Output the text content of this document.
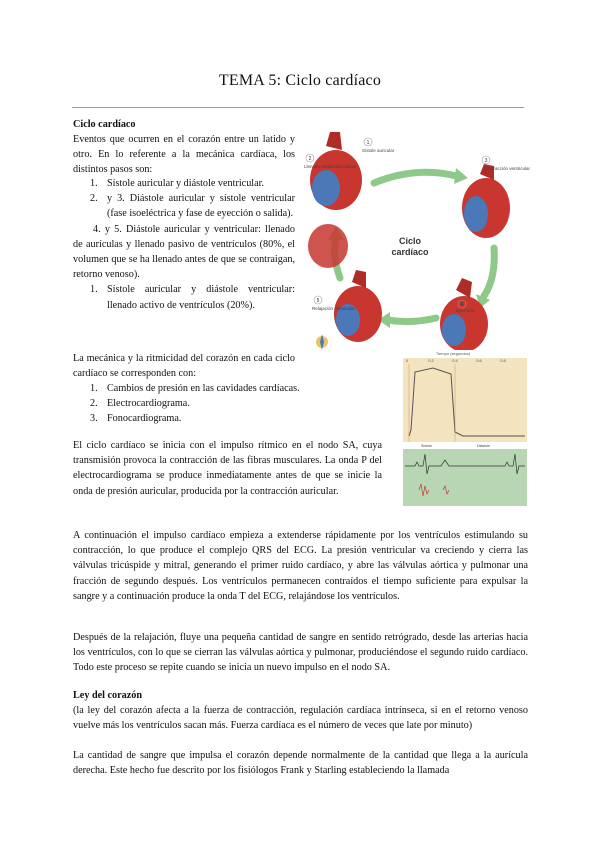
TEMA 5: Ciclo cardíaco
Ciclo cardíaco
Eventos que ocurren en el corazón entre un latido y otro. En lo referente a la mecánica cardíaca, los distintos pasos son:
1. Sístole auricular y diástole ventricular.
2. y 3. Diástole auricular y sístole ventricular (fase isoeléctrica y fase de eyección o salida).
4. y 5. Diástole auricular y ventricular: llenado de aurículas y llenado pasivo de ventrículos (80%, el volumen que se ha llenado antes de que se contraigan, retorno venoso).
1. Sístole auricular y diástole ventricular: llenado activo de ventrículos (20%).
La mecánica y la ritmicidad del corazón en cada ciclo cardíaco se corresponden con:
1. Cambios de presión en las cavidades cardíacas.
2. Electrocardiograma.
3. Fonocardiograma.
El ciclo cardíaco se inicia con el impulso rítmico en el nodo SA, cuya transmisión provoca la contracción de las fibras musculares. La onda P del electrocardiograma se produce inmediatamente antes de que se inicie la onda de presión auricular, producida por la contracción auricular.
A continuación el impulso cardíaco empieza a extenderse rápidamente por los ventrículos estimulando su contracción, lo que produce el complejo QRS del ECG. La presión ventricular va creciendo y cierra las válvulas tricúspide y mitral, generando el primer ruido cardíaco, y abre las válvulas aórtica y pulmonar una fracción de segundo después. Los ventrículos permanecen contraídos el tiempo suficiente para expulsar la sangre y a continuación produce la onda T del ECG, relajándose los ventrículos.
Después de la relajación, fluye una pequeña cantidad de sangre en sentido retrógrado, desde las arterias hacia los ventrículos, con lo que se cierran las válvulas aórtica y pulmonar, produciéndose el segundo ruido cardíaco. Todo este proceso se repite cuando se inicia un nuevo impulso en el nodo SA.
Ley del corazón
(la ley del corazón afecta a la fuerza de contracción, regulación cardíaca intrínseca, si en el retorno venoso vuelve más los ventrículos sacan más. Fuerza cardíaca es el número de veces que late por minuto)
La cantidad de sangre que impulsa el corazón depende normalmente de la cantidad que llega a la aurícula derecha. Este hecho fue descrito por los fisiólogos Frank y Starling estableciendo la llamada
Ciclo
cardíaco
Sístole auricular
Llenado ventricular pasivo	Contracción ventricular
Eyección
Relajación ventricular
1
2	3
4
5
Tiempo (segundos)
0	0.2	0.4	0.6	0.8
Sístole	Diástole
